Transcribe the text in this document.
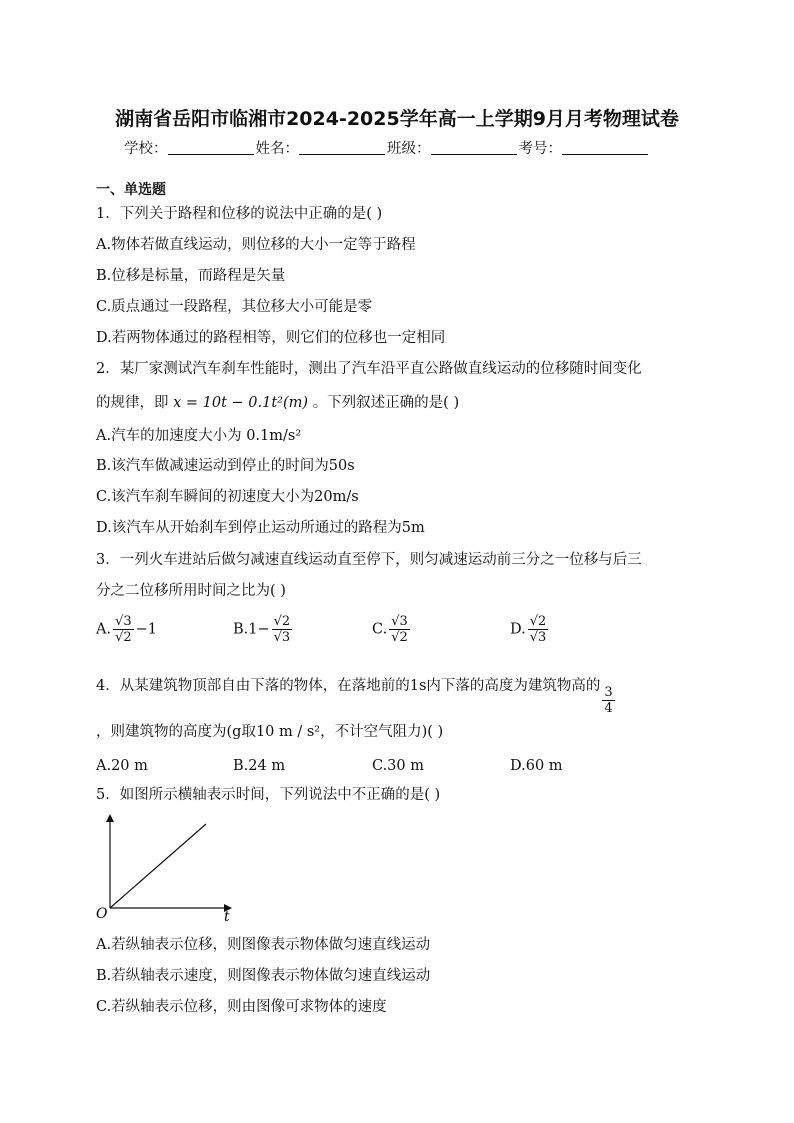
湖南省岳阳市临湘市2024-2025学年高一上学期9月月考物理试卷
学校：	姓名：	班级：	考号：
一、单选题
1．下列关于路程和位移的说法中正确的是( )
A.物体若做直线运动，则位移的大小一定等于路程
B.位移是标量，而路程是矢量
C.质点通过一段路程，其位移大小可能是零
D.若两物体通过的路程相等，则它们的位移也一定相同
2．某厂家测试汽车刹车性能时，测出了汽车沿平直公路做直线运动的位移随时间变化
的规律，即 x = 10t − 0.1t²(m) 。下列叙述正确的是( )
A.汽车的加速度大小为 0.1m/s²
B.该汽车做减速运动到停止的时间为50s
C.该汽车刹车瞬间的初速度大小为20m/s
D.该汽车从开始刹车到停止运动所通过的路程为5m
3．一列火车进站后做匀减速直线运动直至停下，则匀减速运动前三分之一位移与后三
分之二位移所用时间之比为( )
A. $\frac{√3}{√2} -1$	$B.1- \frac{√2}{√3}$	C. $\frac{√3}{√2}$	D. $\frac{√2}{√3}$
4．从某建筑物顶部自由下落的物体，在落地前的1s内下落的高度为建筑物高的 $\frac{3}{4}$
，则建筑物的高度为(g取10 m / s²，不计空气阻力)( )
A.20 m	B.24 m	C.30 m	D.60 m
5．如图所示横轴表示时间，下列说法中不正确的是( )
O	t
A.若纵轴表示位移，则图像表示物体做匀速直线运动
B.若纵轴表示速度，则图像表示物体做匀速直线运动
C.若纵轴表示位移，则由图像可求物体的速度
